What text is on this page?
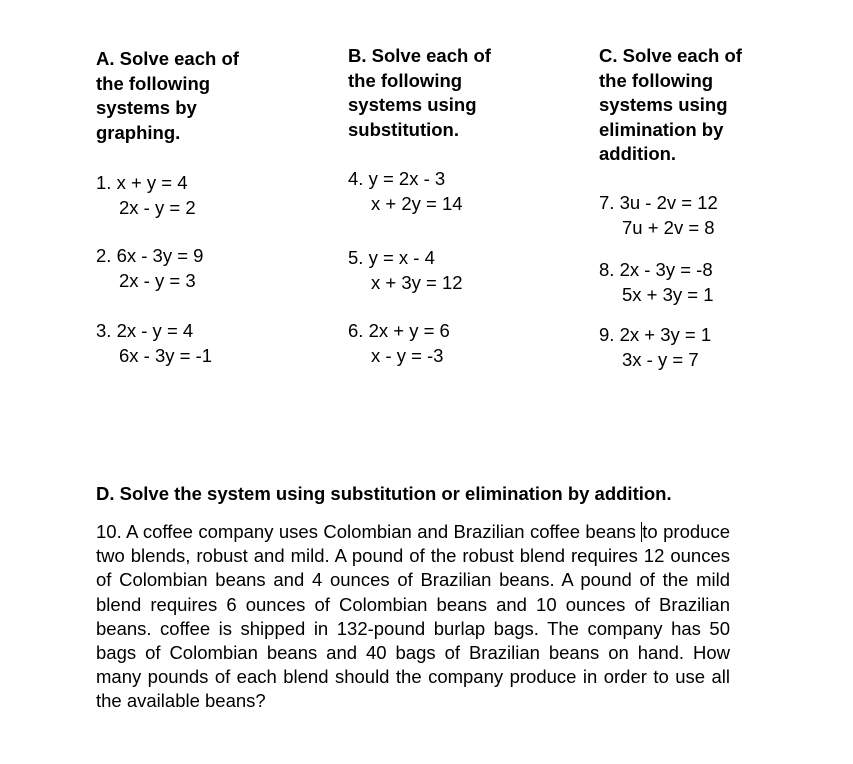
A. Solve each of

the following

systems by

graphing.

1. x + y = 4
2x - y = 2
2. 6x - 3y = 9
2x - y = 3
3. 2x - y = 4
6x - 3y = -1

B. Solve each of

the following

systems using

substitution.

4. y = 2x - 3
x + 2y = 14
5. y = x - 4
x + 3y = 12
6. 2x + y = 6
x - y = -3

C. Solve each of

the following

systems using

elimination by

addition.

7. 3u - 2v = 12
7u + 2v = 8
8. 2x - 3y = -8
5x + 3y = 1
9. 2x + 3y = 1
3x - y = 7
D. Solve the system using substitution or elimination by addition.

10. A coffee company uses Colombian and Brazilian coffee beans to produce two blends, robust and mild. A pound of the robust blend requires 12 ounces of Colombian beans and 4 ounces of Brazilian beans. A pound of the mild blend requires 6 ounces of Colombian beans and 10 ounces of Brazilian beans. coffee is shipped in 132-pound burlap bags. The company has 50 bags of Colombian beans and 40 bags of Brazilian beans on hand. How many pounds of each blend should the company produce in order to use all the available beans?
